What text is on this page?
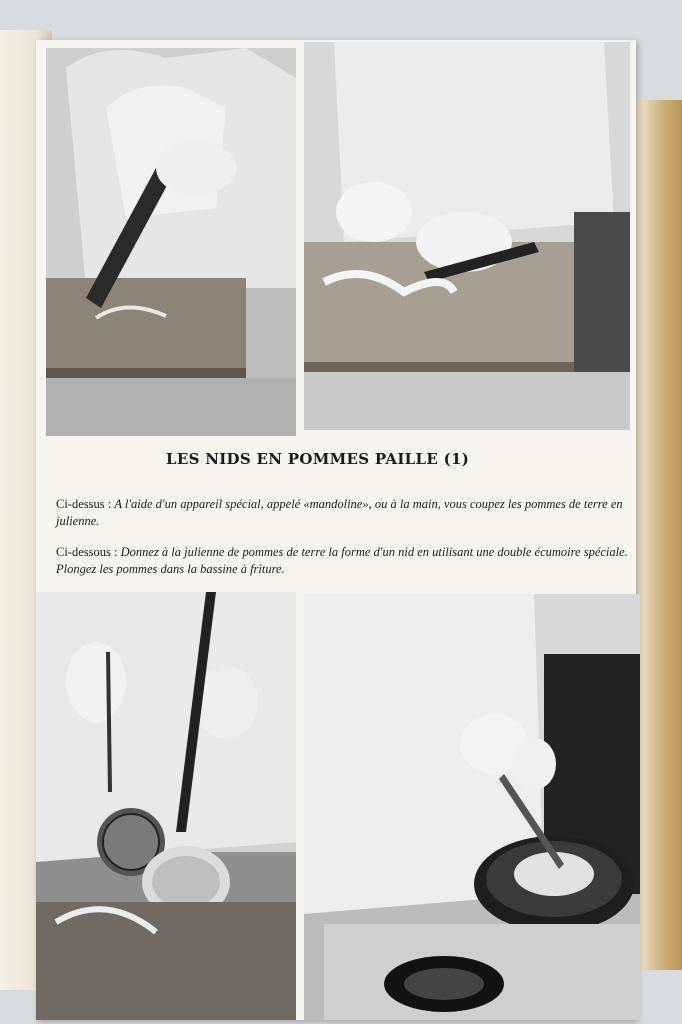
LES NIDS EN POMMES PAILLE (1)
Ci-dessus : A l'aide d'un appareil spécial, appelé «mandoline», ou à la main, vous coupez les pommes de terre en julienne.
Ci-dessous : Donnez à la julienne de pommes de terre la forme d'un nid en utilisant une double écumoire spéciale. Plongez les pommes dans la bassine à friture.
